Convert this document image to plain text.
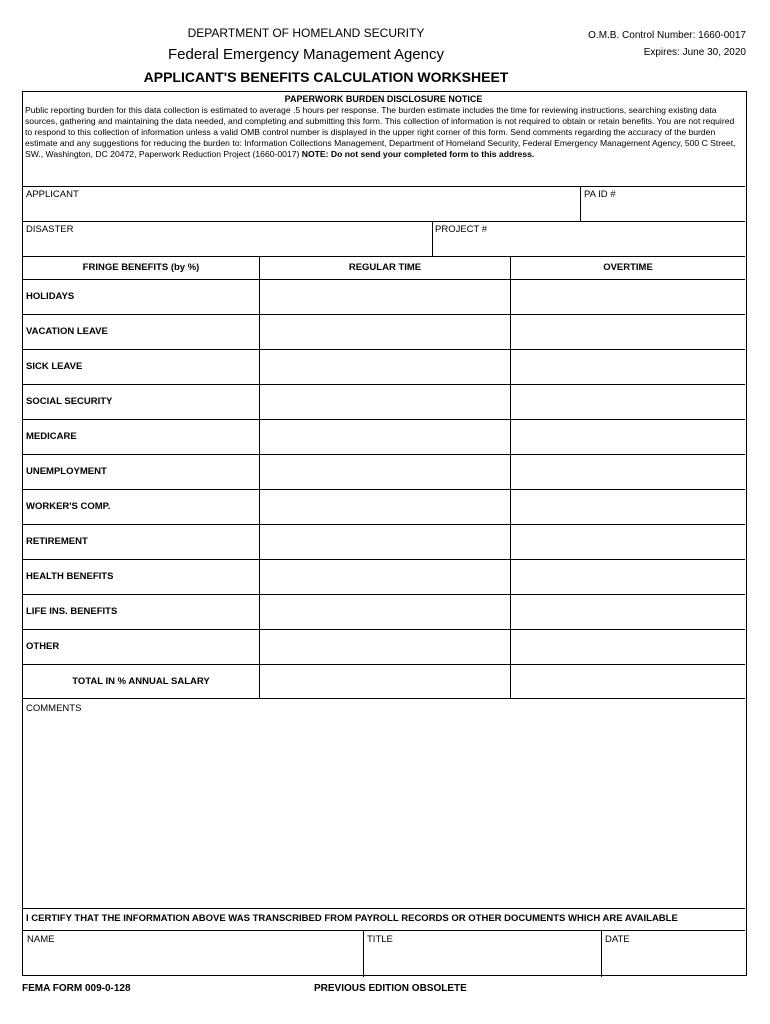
DEPARTMENT OF HOMELAND SECURITY
Federal Emergency Management Agency
APPLICANT'S BENEFITS CALCULATION WORKSHEET
O.M.B. Control Number: 1660-0017
Expires: June 30, 2020
PAPERWORK BURDEN DISCLOSURE NOTICE
Public reporting burden for this data collection is estimated to average .5 hours per response. The burden estimate includes the time for reviewing instructions, searching existing data sources, gathering and maintaining the data needed, and completing and submitting this form. This collection of information is not required to obtain or retain benefits. You are not required to respond to this collection of information unless a valid OMB control number is displayed in the upper right corner of this form. Send comments regarding the accuracy of the burden estimate and any suggestions for reducing the burden to: Information Collections Management, Department of Homeland Security, Federal Emergency Management Agency, 500 C Street, SW., Washington, DC 20472, Paperwork Reduction Project (1660-0017) NOTE: Do not send your completed form to this address.
APPLICANT	PA ID #
DISASTER	PROJECT #
FRINGE BENEFITS (by %)	REGULAR TIME	OVERTIME
HOLIDAYS
VACATION LEAVE
SICK LEAVE
SOCIAL SECURITY
MEDICARE
UNEMPLOYMENT
WORKER'S COMP.
RETIREMENT
HEALTH BENEFITS
LIFE INS. BENEFITS
OTHER
TOTAL IN % ANNUAL SALARY
COMMENTS
I CERTIFY THAT THE INFORMATION ABOVE WAS TRANSCRIBED FROM PAYROLL RECORDS OR OTHER DOCUMENTS WHICH ARE AVAILABLE
NAME	TITLE	DATE
FEMA FORM 009-0-128	PREVIOUS EDITION OBSOLETE
